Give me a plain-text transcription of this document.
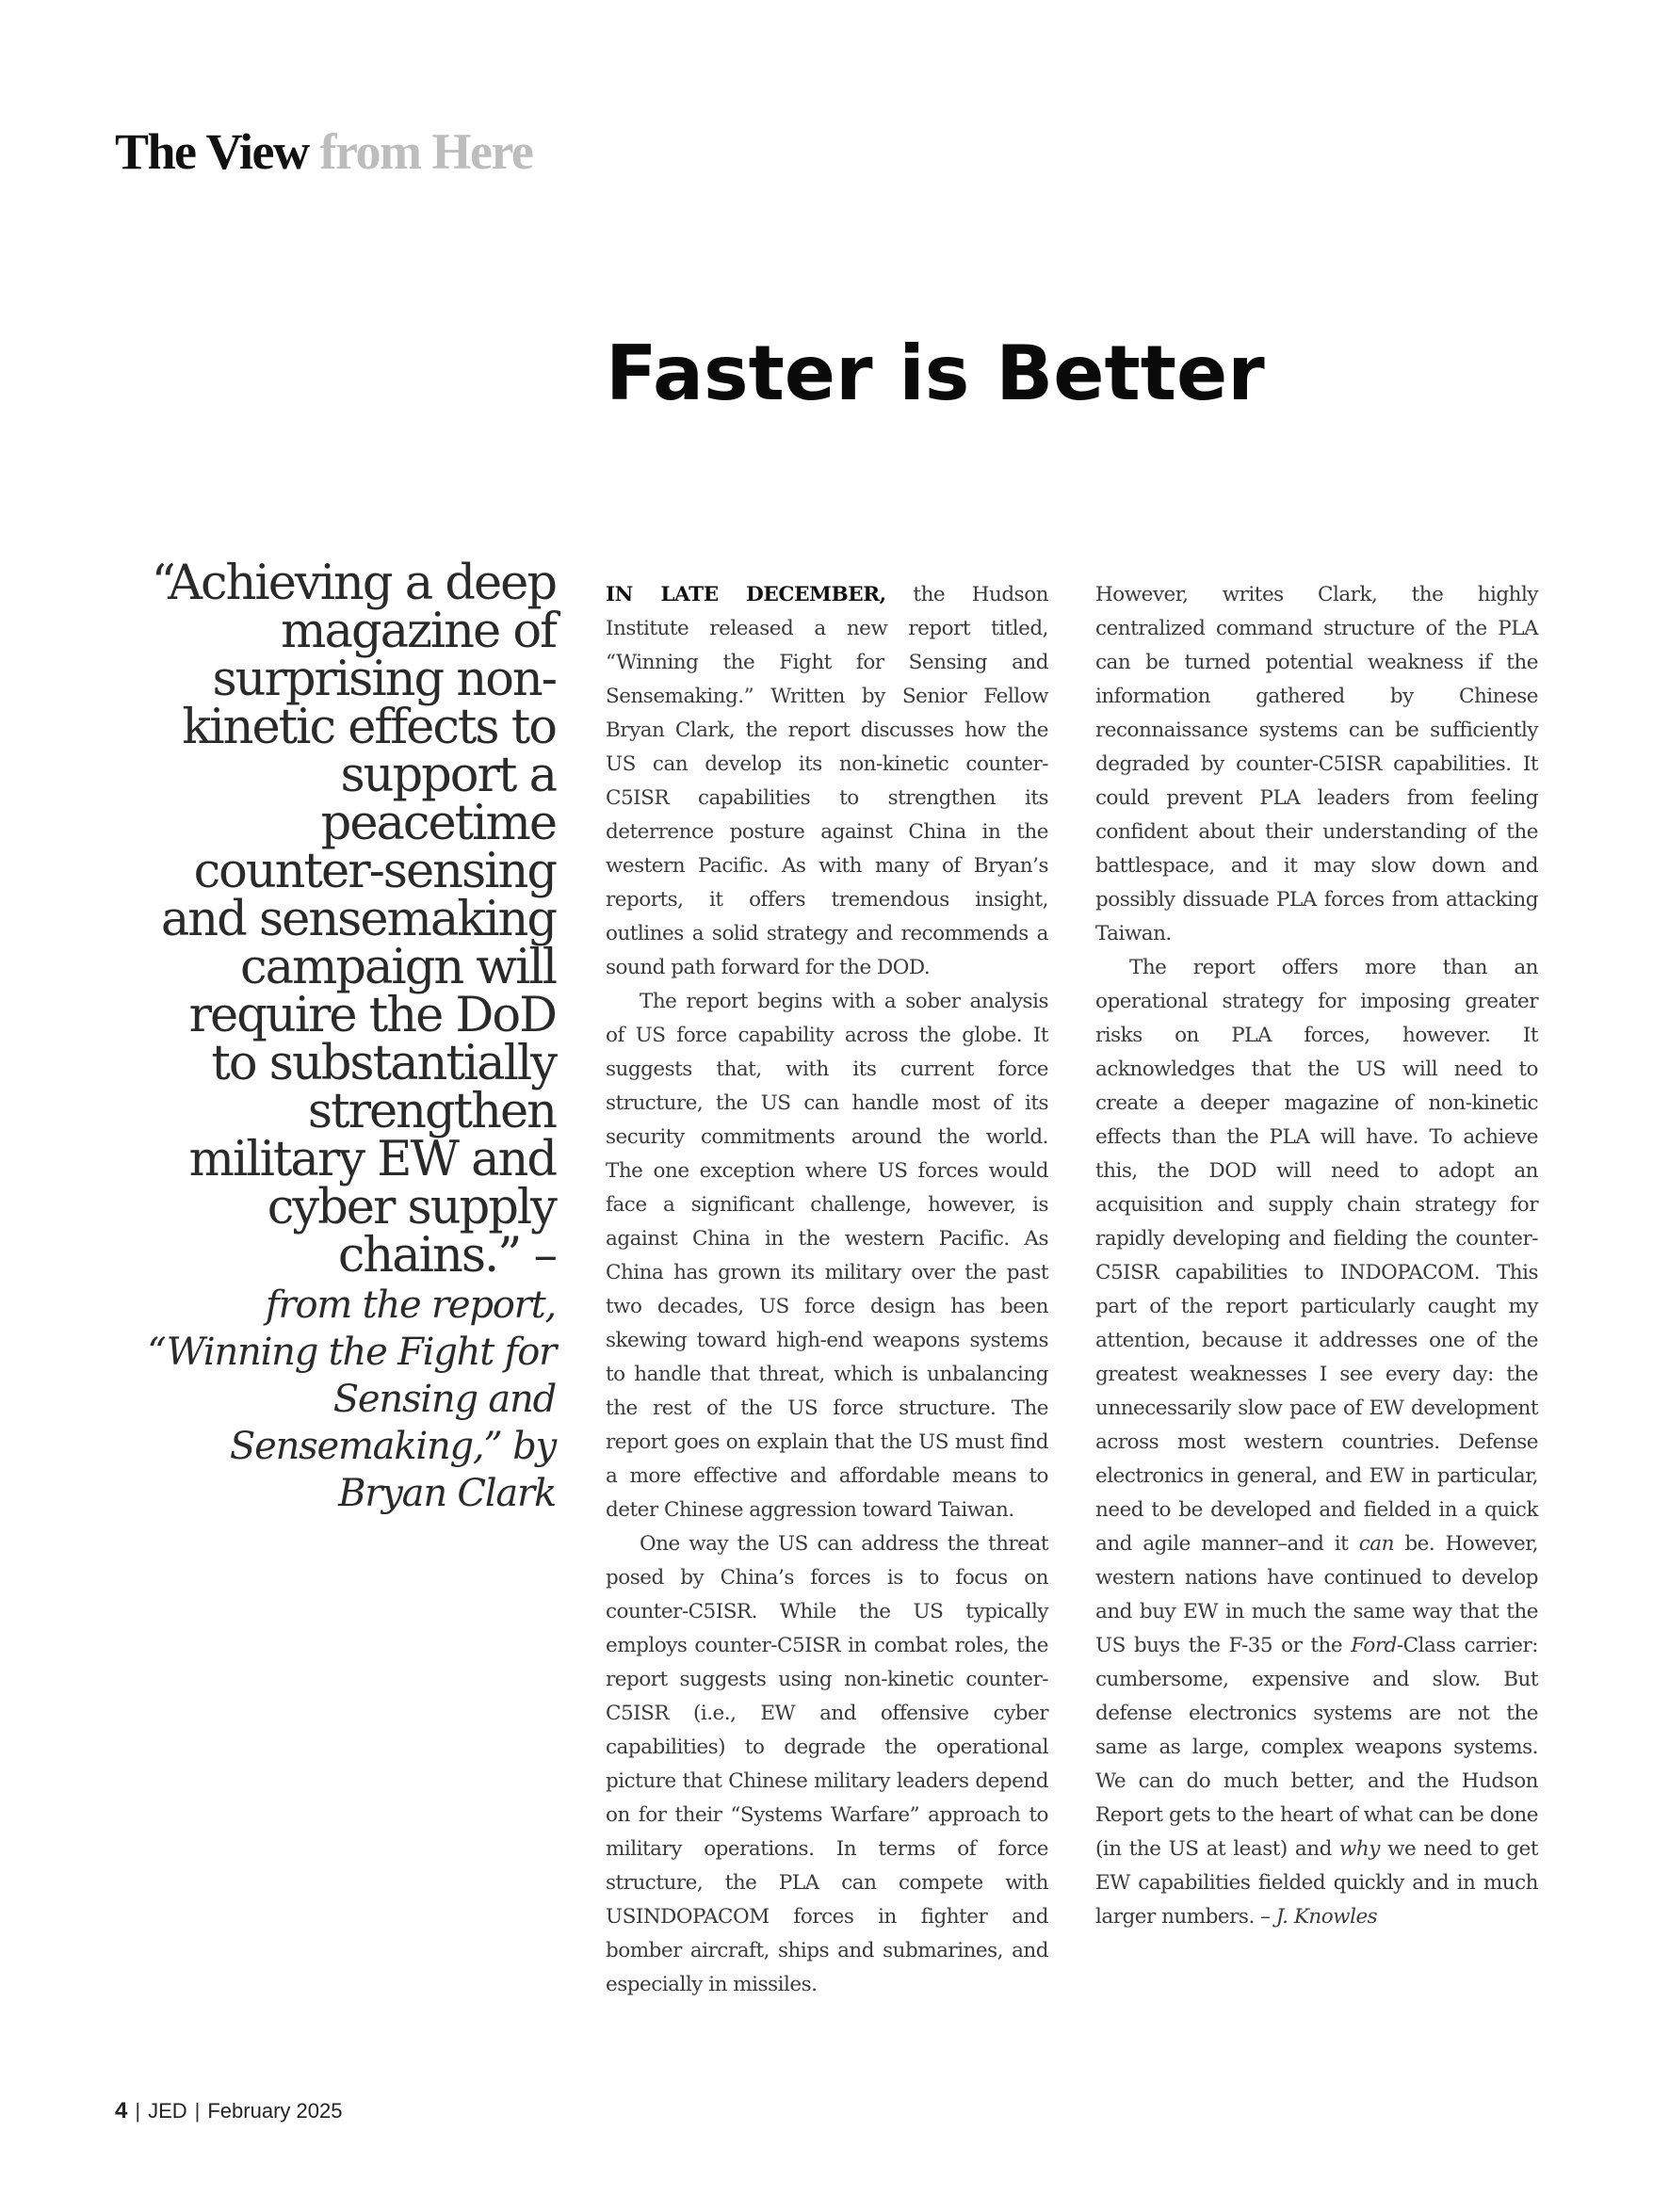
The View from Here
Faster is Better
“Achieving a deep magazine of surprising non-kinetic effects to support a peacetime counter-sensing and sensemaking campaign will require the DoD to substantially strengthen military EW and cyber supply chains.” –
from the report, “Winning the Fight for Sensing and Sensemaking,” by Bryan Clark

IN LATE DECEMBER, the Hudson Institute released a new report titled, “Winning the Fight for Sensing and Sensemaking.” Written by Senior Fellow Bryan Clark, the report discusses how the US can develop its non-kinetic counter-C5ISR capabilities to strengthen its deterrence posture against China in the western Pacific. As with many of Bryan’s reports, it offers tremendous insight, outlines a solid strategy and recommends a sound path forward for the DOD.

The report begins with a sober analysis of US force capability across the globe. It suggests that, with its current force structure, the US can handle most of its security commitments around the world. The one exception where US forces would face a significant challenge, however, is against China in the western Pacific. As China has grown its military over the past two decades, US force design has been skewing toward high-end weapons systems to handle that threat, which is unbalancing the rest of the US force structure. The report goes on explain that the US must find a more effective and affordable means to deter Chinese aggression toward Taiwan.

One way the US can address the threat posed by China’s forces is to focus on counter-C5ISR. While the US typically employs counter-C5ISR in combat roles, the report suggests using non-kinetic counter-C5ISR (i.e., EW and offensive cyber capabilities) to degrade the operational picture that Chinese military leaders depend on for their “Systems Warfare” approach to military operations. In terms of force structure, the PLA can compete with USINDOPACOM forces in fighter and bomber aircraft, ships and submarines, and especially in missiles.

However, writes Clark, the highly centralized command structure of the PLA can be turned potential weakness if the information gathered by Chinese reconnaissance systems can be sufficiently degraded by counter-C5ISR capabilities. It could prevent PLA leaders from feeling confident about their understanding of the battlespace, and it may slow down and possibly dissuade PLA forces from attacking Taiwan.

The report offers more than an operational strategy for imposing greater risks on PLA forces, however. It acknowledges that the US will need to create a deeper magazine of non-kinetic effects than the PLA will have. To achieve this, the DOD will need to adopt an acquisition and supply chain strategy for rapidly developing and fielding the counter-C5ISR capabilities to INDOPACOM. This part of the report particularly caught my attention, because it addresses one of the greatest weaknesses I see every day: the unnecessarily slow pace of EW development across most western countries. Defense electronics in general, and EW in particular, need to be developed and fielded in a quick and agile manner–and it can be. However, western nations have continued to develop and buy EW in much the same way that the US buys the F-35 or the Ford-Class carrier: cumbersome, expensive and slow. But defense electronics systems are not the same as large, complex weapons systems. We can do much better, and the Hudson Report gets to the heart of what can be done (in the US at least) and why we need to get EW capabilities fielded quickly and in much larger numbers. – J. Knowles

4 | JED | February 2025
